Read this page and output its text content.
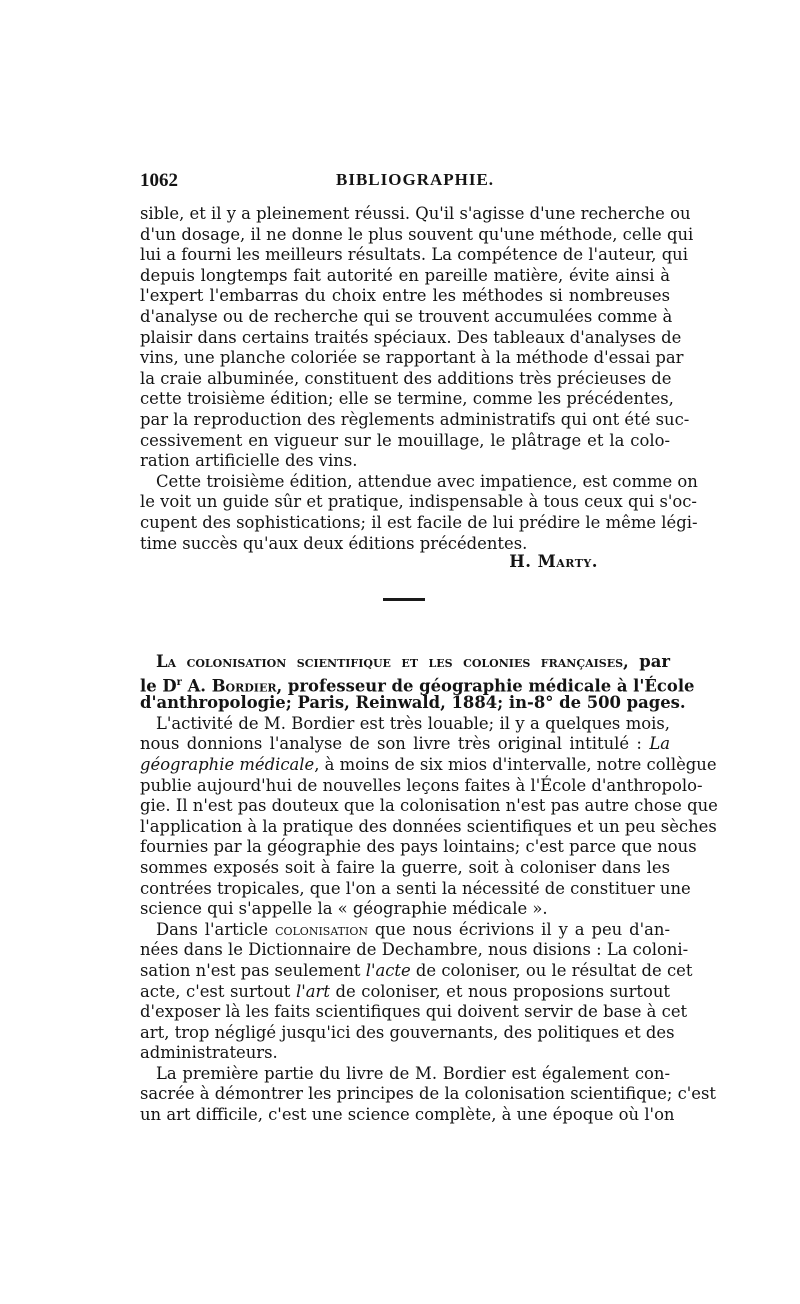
1062	BIBLIOGRAPHIE.
sible, et il y a pleinement réussi. Qu'il s'agisse d'une recherche ou
d'un dosage, il ne donne le plus souvent qu'une méthode, celle qui
lui a fourni les meilleurs résultats. La compétence de l'auteur, qui
depuis longtemps fait autorité en pareille matière, évite ainsi à
l'expert l'embarras du choix entre les méthodes si nombreuses
d'analyse ou de recherche qui se trouvent accumulées comme à
plaisir dans certains traités spéciaux. Des tableaux d'analyses de
vins, une planche coloriée se rapportant à la méthode d'essai par
la craie albuminée, constituent des additions très précieuses de
cette troisième édition; elle se termine, comme les précédentes,
par la reproduction des règlements administratifs qui ont été suc-
cessivement en vigueur sur le mouillage, le plâtrage et la colo-
ration artificielle des vins.
Cette troisième édition, attendue avec impatience, est comme on
le voit un guide sûr et pratique, indispensable à tous ceux qui s'oc-
cupent des sophistications; il est facile de lui prédire le même légi-
time succès qu'aux deux éditions précédentes.
H. Marty.
La colonisation scientifique et les colonies françaises, par
le $D^r$ A. Bordier, professeur de géographie médicale à l'École
d'anthropologie; Paris, Reinwald, 1884; in-8° de 500 pages.
L'activité de M. Bordier est très louable; il y a quelques mois,
nous donnions l'analyse de son livre très original intitulé : La
géographie médicale, à moins de six mios d'intervalle, notre collègue
publie aujourd'hui de nouvelles leçons faites à l'École d'anthropolo-
gie. Il n'est pas douteux que la colonisation n'est pas autre chose que
l'application à la pratique des données scientifiques et un peu sèches
fournies par la géographie des pays lointains; c'est parce que nous
sommes exposés soit à faire la guerre, soit à coloniser dans les
contrées tropicales, que l'on a senti la nécessité de constituer une
science qui s'appelle la « géographie médicale ».
Dans l'article colonisation que nous écrivions il y a peu d'an-
nées dans le Dictionnaire de Dechambre, nous disions : La coloni-
sation n'est pas seulement l'acte de coloniser, ou le résultat de cet
acte, c'est surtout l'art de coloniser, et nous proposions surtout
d'exposer là les faits scientifiques qui doivent servir de base à cet
art, trop négligé jusqu'ici des gouvernants, des politiques et des
administrateurs.
La première partie du livre de M. Bordier est également con-
sacrée à démontrer les principes de la colonisation scientifique; c'est
un art difficile, c'est une science complète, à une époque où l'on
